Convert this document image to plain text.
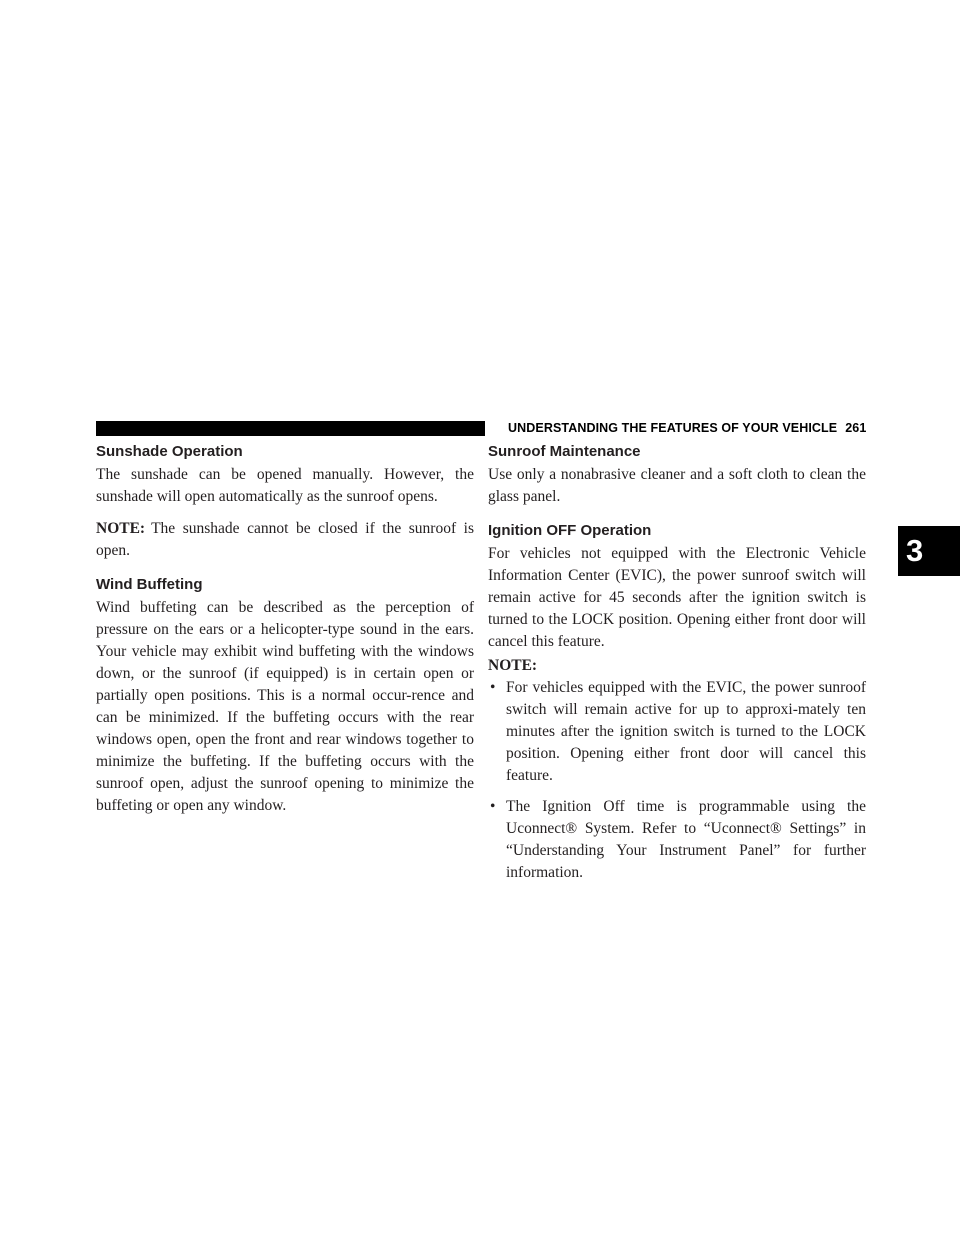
UNDERSTANDING THE FEATURES OF YOUR VEHICLE 261
3
Sunshade Operation

The sunshade can be opened manually. However, the sunshade will open automatically as the sunroof opens.

NOTE: The sunshade cannot be closed if the sunroof is open.

Wind Buffeting

Wind buffeting can be described as the perception of pressure on the ears or a helicopter-type sound in the ears. Your vehicle may exhibit wind buffeting with the windows down, or the sunroof (if equipped) is in certain open or partially open positions. This is a normal occur-rence and can be minimized. If the buffeting occurs with the rear windows open, open the front and rear windows together to minimize the buffeting. If the buffeting occurs with the sunroof open, adjust the sunroof opening to minimize the buffeting or open any window.

Sunroof Maintenance

Use only a nonabrasive cleaner and a soft cloth to clean the glass panel.

Ignition OFF Operation

For vehicles not equipped with the Electronic Vehicle Information Center (EVIC), the power sunroof switch will remain active for 45 seconds after the ignition switch is turned to the LOCK position. Opening either front door will cancel this feature.

NOTE:

• For vehicles equipped with the EVIC, the power sunroof switch will remain active for up to approxi-mately ten minutes after the ignition switch is turned to the LOCK position. Opening either front door will cancel this feature.
• The Ignition Off time is programmable using the Uconnect® System. Refer to “Uconnect® Settings” in “Understanding Your Instrument Panel” for further information.
